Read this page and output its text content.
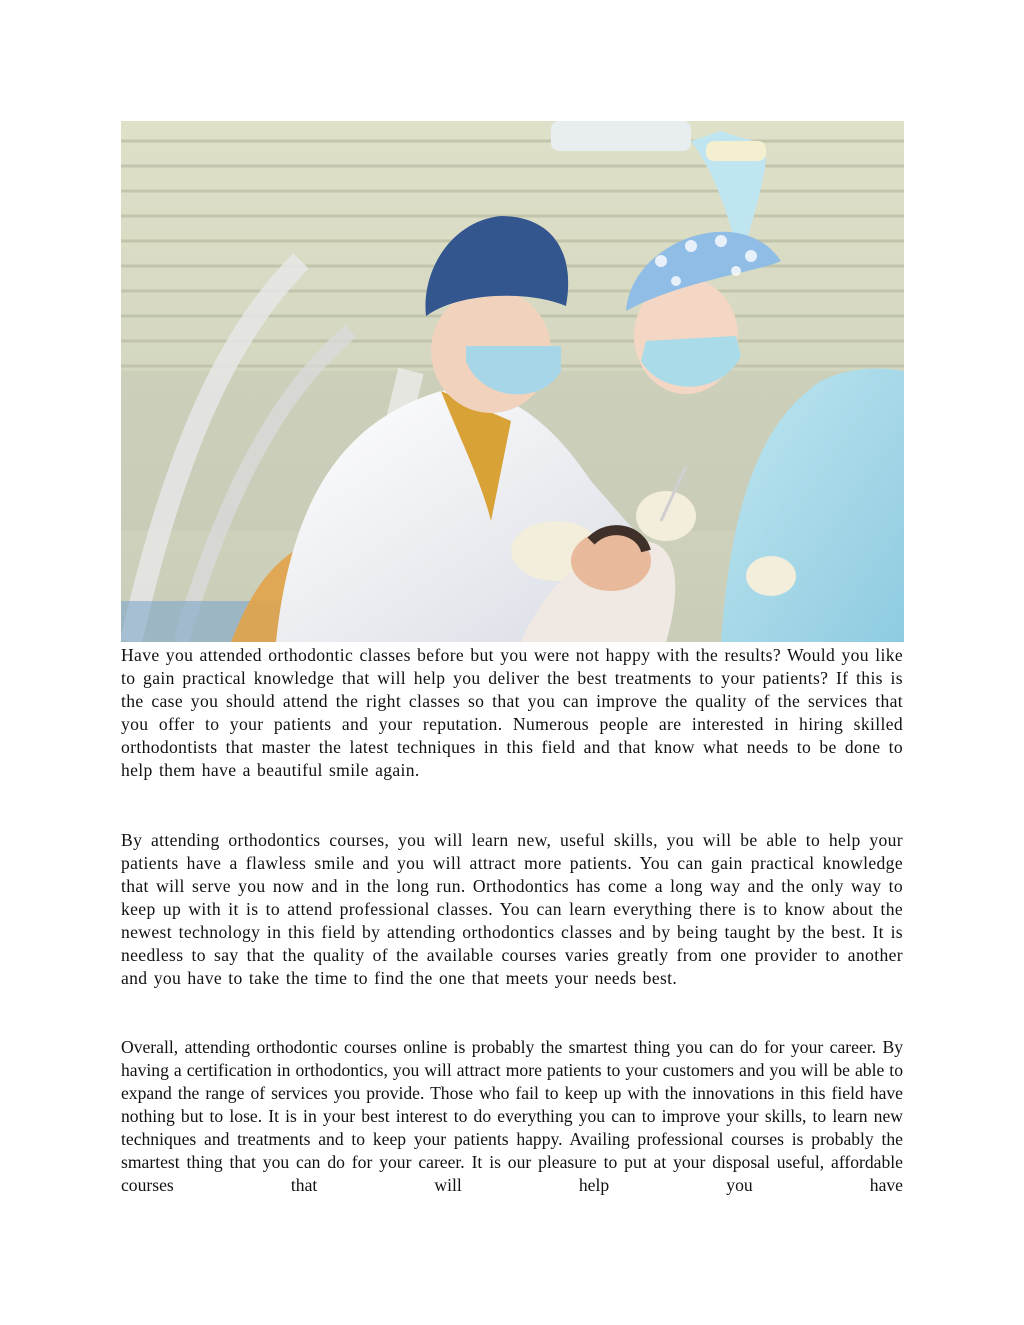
Have you attended orthodontic classes before but you were not happy with the results? Would you like to gain practical knowledge that will help you deliver the best treatments to your patients? If this is the case you should attend the right classes so that you can improve the quality of the services that you offer to your patients and your reputation. Numerous people are interested in hiring skilled orthodontists that master the latest techniques in this field and that know what needs to be done to help them have a beautiful smile again.

By attending orthodontics courses, you will learn new, useful skills, you will be able to help your patients have a flawless smile and you will attract more patients. You can gain practical knowledge that will serve you now and in the long run. Orthodontics has come a long way and the only way to keep up with it is to attend professional classes. You can learn everything there is to know about the newest technology in this field by attending orthodontics classes and by being taught by the best. It is needless to say that the quality of the available courses varies greatly from one provider to another and you have to take the time to find the one that meets your needs best.

Overall, attending orthodontic courses online is probably the smartest thing you can do for your career. By having a certification in orthodontics, you will attract more patients to your customers and you will be able to expand the range of services you provide. Those who fail to keep up with the innovations in this field have nothing but to lose. It is in your best interest to do everything you can to improve your skills, to learn new techniques and treatments and to keep your patients happy. Availing professional courses is probably the smartest thing that you can do for your career. It is our pleasure to put at your disposal useful, affordable courses that will help you have
